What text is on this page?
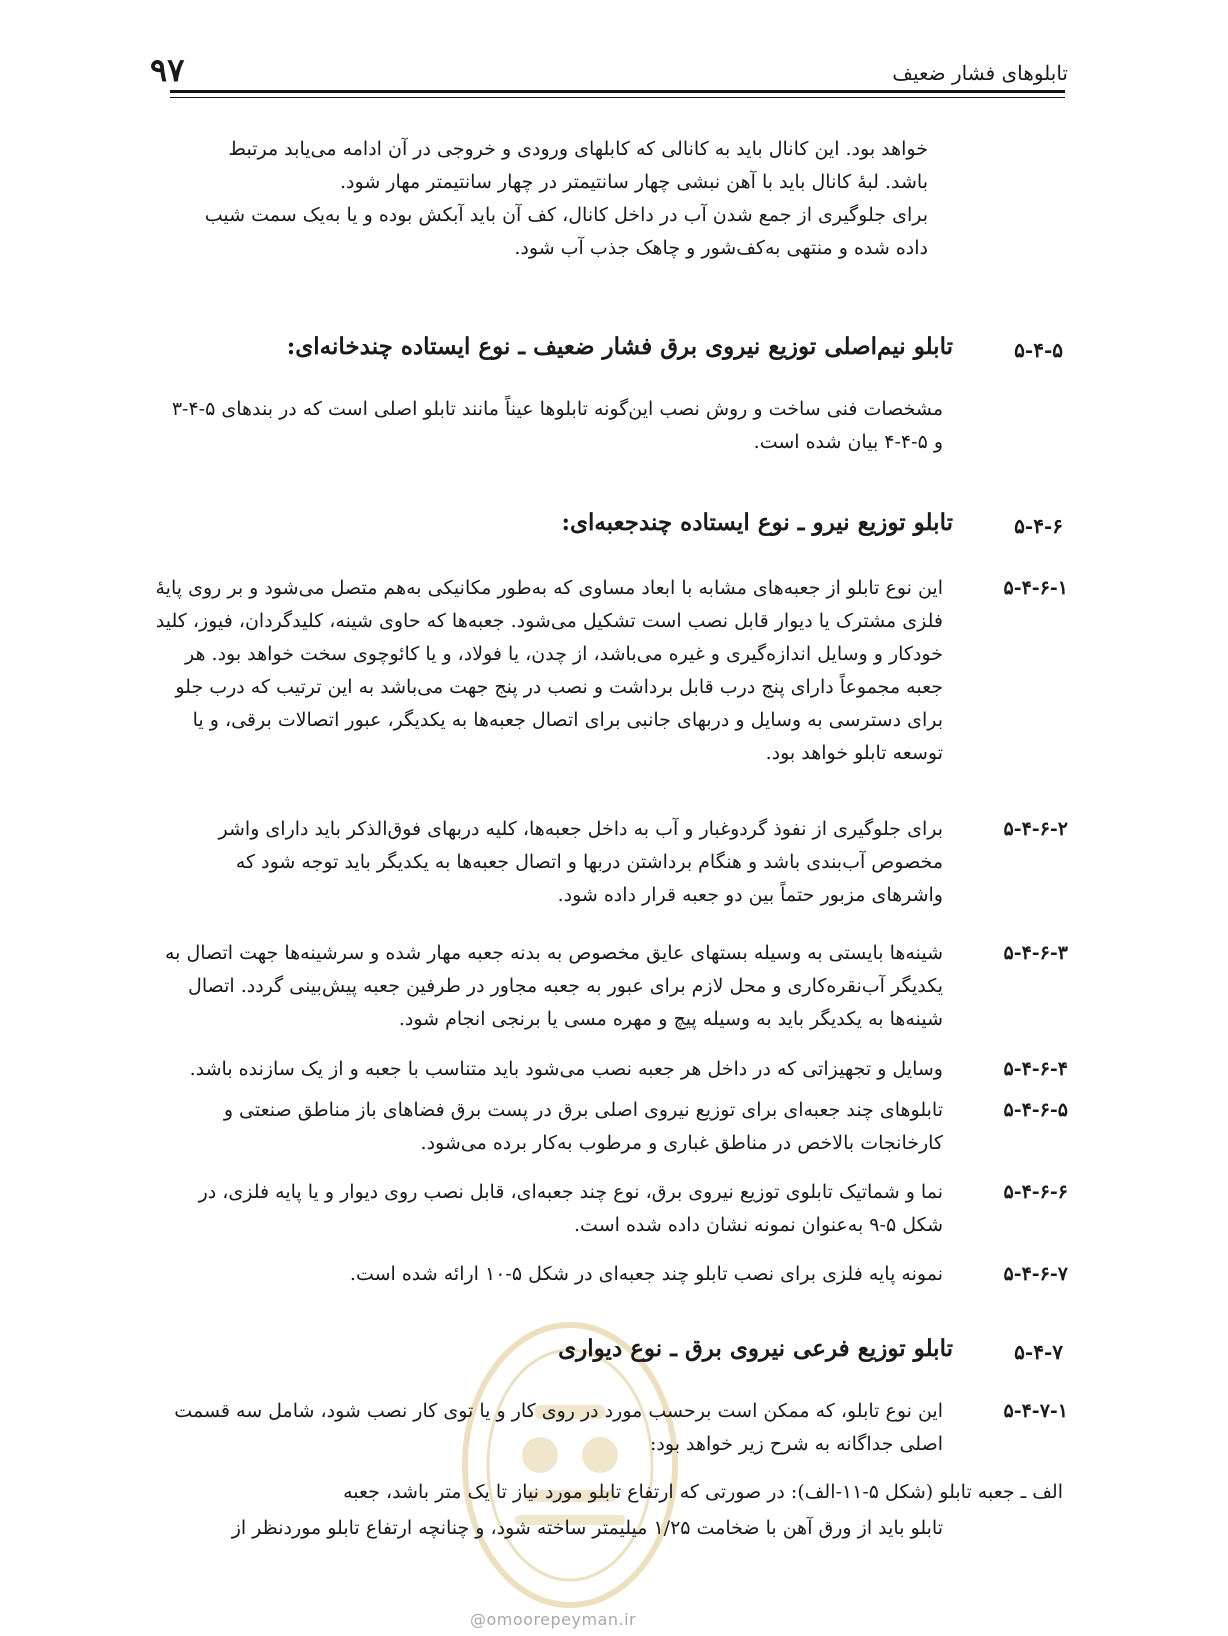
۹۷	تابلوهای فشار ضعیف
خواهد بود. این کانال باید به کانالی که کابلهای ورودی و خروجی در آن ادامه می‌یابد مرتبط
باشد. لبهٔ کانال باید با آهن نبشی چهار سانتیمتر در چهار سانتیمتر مهار شود.
برای جلوگیری از جمع شدن آب در داخل کانال، کف آن باید آبکش بوده و یا به‌یک سمت شیب
داده شده و منتهی به‌کف‌شور و چاهک جذب آب شود.
۵-۴-۵
تابلو نیم‌اصلی توزیع نیروی برق فشار ضعیف ـ نوع ایستاده چندخانه‌ای:
مشخصات فنی ساخت و روش نصب این‌گونه تابلوها عیناً مانند تابلو اصلی است که در بندهای ۵-۴-۳
و ۵-۴-۴ بیان شده است.
۵-۴-۶
تابلو توزیع نیرو ـ نوع ایستاده چندجعبه‌ای:
۵-۴-۶-۱
این نوع تابلو از جعبه‌های مشابه با ابعاد مساوی که به‌طور مکانیکی به‌هم متصل می‌شود و بر روی پایهٔ
فلزی مشترک یا دیوار قابل نصب است تشکیل می‌شود. جعبه‌ها که حاوی شینه، کلیدگردان، فیوز، کلید
خودکار و وسایل اندازه‌گیری و غیره می‌باشد، از چدن، یا فولاد، و یا کائوچوی سخت خواهد بود. هر
جعبه مجموعاً دارای پنج درب قابل برداشت و نصب در پنج جهت می‌باشد به این ترتیب که درب جلو
برای دسترسی به وسایل و دربهای جانبی برای اتصال جعبه‌ها به یکدیگر، عبور اتصالات برقی، و یا
توسعه تابلو خواهد بود.
۵-۴-۶-۲
برای جلوگیری از نفوذ گردوغبار و آب به داخل جعبه‌ها، کلیه دربهای فوق‌الذکر باید دارای واشر
مخصوص آب‌بندی باشد و هنگام برداشتن دربها و اتصال جعبه‌ها به یکدیگر باید توجه شود که
واشرهای مزبور حتماً بین دو جعبه قرار داده شود.
۵-۴-۶-۳
شینه‌ها بایستی به وسیله بستهای عایق مخصوص به بدنه جعبه مهار شده و سرشینه‌ها جهت اتصال به
یکدیگر آب‌نقره‌کاری و محل لازم برای عبور به جعبه مجاور در طرفین جعبه پیش‌بینی گردد. اتصال
شینه‌ها به یکدیگر باید به وسیله پیچ و مهره مسی یا برنجی انجام شود.
۵-۴-۶-۴
وسایل و تجهیزاتی که در داخل هر جعبه نصب می‌شود باید متناسب با جعبه و از یک سازنده باشد.
۵-۴-۶-۵
تابلوهای چند جعبه‌ای برای توزیع نیروی اصلی برق در پست برق فضاهای باز مناطق صنعتی و
کارخانجات بالاخص در مناطق غباری و مرطوب به‌کار برده می‌شود.
۵-۴-۶-۶
نما و شماتیک تابلوی توزیع نیروی برق، نوع چند جعبه‌ای، قابل نصب روی دیوار و یا پایه فلزی، در
شکل ۵-۹ به‌عنوان نمونه نشان داده شده است.
۵-۴-۶-۷
نمونه پایه فلزی برای نصب تابلو چند جعبه‌ای در شکل ۵-۱۰ ارائه شده است.
۵-۴-۷
تابلو توزیع فرعی نیروی برق ـ نوع دیواری
۵-۴-۷-۱
این نوع تابلو، که ممکن است برحسب مورد در روی کار و یا توی کار نصب شود، شامل سه قسمت
اصلی جداگانه به شرح زیر خواهد بود:
الف ـ جعبه تابلو (شکل ۵-۱۱-الف): در صورتی که ارتفاع تابلو مورد نیاز تا یک متر باشد، جعبه
تابلو باید از ورق آهن با ضخامت ۱/۲۵ میلیمتر ساخته شود، و چنانچه ارتفاع تابلو موردنظر از
@omoorepeyman.ir
